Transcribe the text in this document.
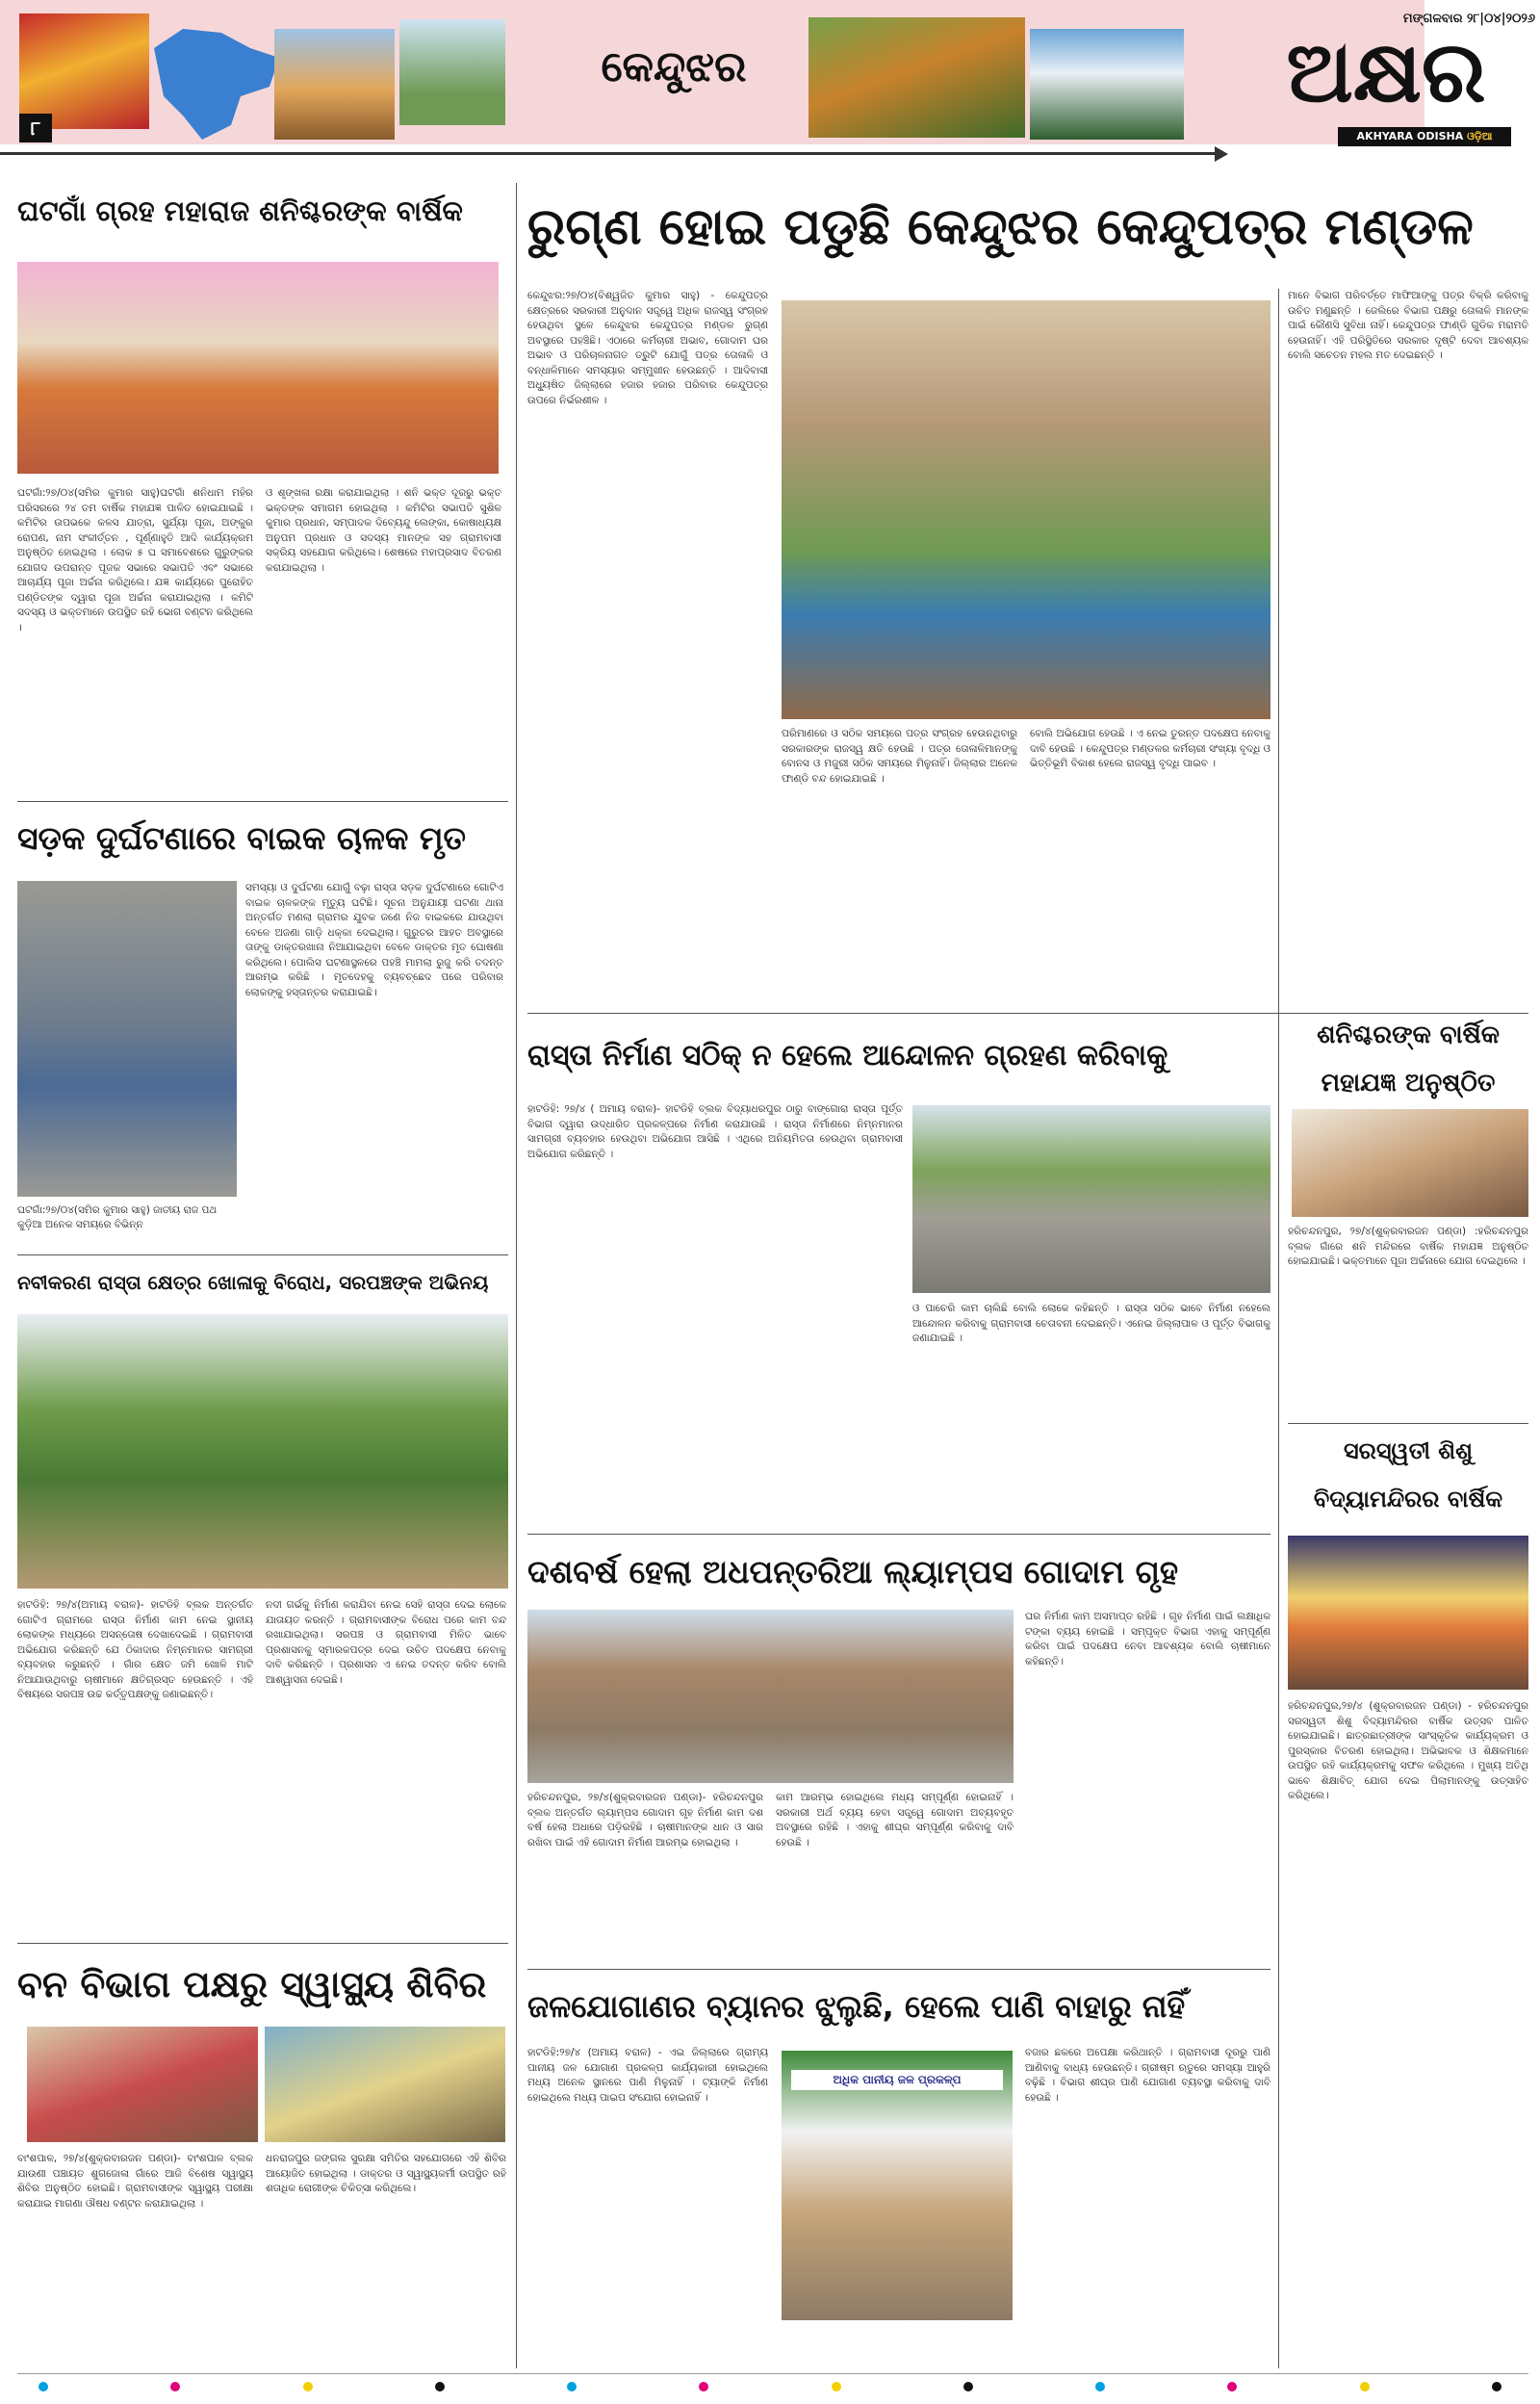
କେନ୍ଦୁଝର
ମଙ୍ଗଳବାର ୨୮|୦୪|୨୦୨୬
୮
ଅକ୍ଷର
AKHYARA ODISHA ଓଡ଼ିଆ
ଘଟଗାଁ ଗ୍ରହ ମହାରାଜ ଶନିଶ୍ଚରଙ୍କ ବାର୍ଷିକ
ଘଟଗାଁ:୨୭/୦୪(ସମିର କୁମାର ସାହୁ)ଘଟଗାଁ ଶନିଧାମ ମହିର ପରିସରରେ ୨୪ ତମ ବାର୍ଷିକ ମହାଯଜ୍ଞ ପାଳିତ ହୋଇଯାଇଛି । କମିଟିର ଉପଭକେ କଳସ ଯାତ୍ରା, ସୁର୍ଯ୍ୟା ପୂଜା, ଅଙ୍କୁର ରୋପଣ, ନାମ ସଂକୀର୍ତ୍ତନ , ପୂର୍ଣ୍ଣାହୁତି ଆଦି କାର୍ଯ୍ୟକ୍ରମ ଅନୁଷ୍ଠିତ ହୋଇଥିଲା । ଲୋକ ୫ ଘ ସମାବେଶରେ ଗୁରୁଙ୍କର ଯୋଗଦ ଉପରାନ୍ତ ପୂଜକ ସଭାରେ ସଭାପତି ଏବଂ ସଭାରେ ଆଚାର୍ଯ୍ୟ ପୂଜା ଅର୍ଚ୍ଚନା କରିଥିଲେ। ଯଜ୍ଞ କାର୍ଯ୍ୟରେ ପୁରୋହିତ ପଣ୍ଡିତଙ୍କ ଦ୍ୱାରା ପୂଜା ଅର୍ଚ୍ଚନା କରାଯାଇଥିଲା । କମିଟି ସଦସ୍ୟ ଓ ଭକ୍ତମାନେ ଉପସ୍ଥିତ ରହି ଭୋଗ ବଣ୍ଟନ କରିଥିଲେ ।
ଓ ଶୃଙ୍ଖଳା ରକ୍ଷା କରାଯାଇଥିଲା । ଶନି ଭକ୍ତ ଦୂରରୁ ଭକ୍ତ ଭକ୍ତଙ୍କ ସମାଗମ ହୋଇଥିଲା । କମିଟିର ସଭାପତି ସୁଶିଳ କୁମାର ପ୍ରଧାନ, ସମ୍ପାଦକ ଦିବ୍ୟେନ୍ଦୁ ଲେଙ୍କା, କୋଷାଧ୍ୟକ୍ଷ ଅନୁପମ ପ୍ରଧାନ ଓ ସଦସ୍ୟ ମାନଙ୍କ ସହ ଗ୍ରାମବାସୀ ସକ୍ରିୟ ସହଯୋଗ କରିଥିଲେ। ଶେଷରେ ମହାପ୍ରସାଦ ବିତରଣ କରାଯାଇଥିଲା ।
ସଡ଼କ ଦୁର୍ଘଟଣାରେ ବାଇକ ଚାଳକ ମୃତ
ଘଟଗାଁ:୨୭/୦୪(ସମିର କୁମାର ସାହୁ) ଜାତୀୟ ରାଜ ପଥ କୁଡ଼ିଆ ଅନେକ ସମୟରେ ବିଭିନ୍ନ
ସମସ୍ୟା ଓ ଦୁର୍ଘଟଣା ଯୋଗୁଁ ବଢ଼ା ରାସ୍ତା ସଡ଼କ ଦୁର୍ଘଟଣାରେ ଗୋଟିଏ ବାଇକ ଚାଳକଙ୍କ ମୃତ୍ୟୁ ଘଟିଛି। ସୂଚନା ଅନୁଯାୟୀ ଘଟଣା ଥାନା ଅନ୍ତର୍ଗତ ମଣଲା ଗ୍ରାମର ଯୁବକ ଜଣେ ନିଜ ବାଇକରେ ଯାଉଥିବା ବେଳେ ଅଜଣା ଗାଡ଼ି ଧକ୍କା ଦେଇଥିଲା। ଗୁରୁତର ଆହତ ଅବସ୍ଥାରେ ତାଙ୍କୁ ଡାକ୍ତରଖାନା ନିଆଯାଇଥିବା ବେଳେ ଡାକ୍ତର ମୃତ ଘୋଷଣା କରିଥିଲେ। ପୋଲିସ ଘଟଣାସ୍ଥଳରେ ପହଞ୍ଚି ମାମଲା ରୁଜୁ କରି ତଦନ୍ତ ଆରମ୍ଭ କରିଛି । ମୃତଦେହକୁ ବ୍ୟବଚ୍ଛେଦ ପରେ ପରିବାର ଲୋକଙ୍କୁ ହସ୍ତାନ୍ତର କରାଯାଇଛି।
ନବୀକରଣ ରାସ୍ତା କ୍ଷେତ୍ର ଖୋଳାକୁ ବିରୋଧ, ସରପଞ୍ଚଙ୍କ ଅଭିନୟ
ହାଟଡିହି: ୨୭/୪(ଅମାୟ ବରାଳ)- ହାଟଡିହି ବ୍ଲକ ଅନ୍ତର୍ଗତ ଗୋଟିଏ ଗ୍ରାମରେ ରାସ୍ତା ନିର୍ମାଣ କାମ ନେଇ ସ୍ଥାନୀୟ ଲୋକଙ୍କ ମଧ୍ୟରେ ଅସନ୍ତୋଷ ଦେଖାଦେଇଛି । ଗ୍ରାମବାସୀ ଅଭିଯୋଗ କରିଛନ୍ତି ଯେ ଠିକାଦାର ନିମ୍ନମାନର ସାମଗ୍ରୀ ବ୍ୟବହାର କରୁଛନ୍ତି । ଗାଁର କ୍ଷେତ ଜମି ଖୋଳି ମାଟି ନିଆଯାଉଥିବାରୁ ଚାଷୀମାନେ କ୍ଷତିଗ୍ରସ୍ତ ହେଉଛନ୍ତି । ଏହି ବିଷୟରେ ସରପଞ୍ଚ ଉଚ୍ଚ କର୍ତ୍ତୃପକ୍ଷଙ୍କୁ ଜଣାଇଛନ୍ତି।
ନଦୀ ଗର୍ଭକୁ ନିର୍ମାଣ କରାଯିବା ନେଇ ସେହି ରାସ୍ତା ଦେଇ ଲୋକେ ଯାତାୟତ କରନ୍ତି । ଗ୍ରାମବାସୀଙ୍କ ବିରୋଧ ପରେ କାମ ବନ୍ଦ ରଖାଯାଇଥିଲା। ସରପଞ୍ଚ ଓ ଗ୍ରାମବାସୀ ମିଳିତ ଭାବେ ପ୍ରଶାସନକୁ ସ୍ମାରକପତ୍ର ଦେଇ ଉଚିତ ପଦକ୍ଷେପ ନେବାକୁ ଦାବି କରିଛନ୍ତି । ପ୍ରଶାସନ ଏ ନେଇ ତଦନ୍ତ କରିବ ବୋଲି ଆଶ୍ୱାସନା ଦେଇଛି।
ବନ ବିଭାଗ ପକ୍ଷରୁ ସ୍ୱାସ୍ଥ୍ୟ ଶିବିର
ବାଂଶପାଳ, ୨୭/୪(ଶୁକ୍ରବାରଜନ ପଣ୍ଡା)- ବାଂଶପାଳ ବ୍ଲକ ଯାଉଣୀ ପଞ୍ଚାୟତ ଶୁଗଜୋଳା ଗାଁରେ ଆଜି ବିଶେଷ ସ୍ୱାସ୍ଥ୍ୟ ଶିବିର ଅନୁଷ୍ଠିତ ହୋଇଛି। ଗ୍ରାମବାସୀଙ୍କ ସ୍ୱାସ୍ଥ୍ୟ ପରୀକ୍ଷା କରାଯାଇ ମାଗଣା ଔଷଧ ବଣ୍ଟନ କରାଯାଇଥିଲା ।
ଧନରାଜପୁର ଜଙ୍ଗଲ ସୁରକ୍ଷା ସମିତିର ସହଯୋଗରେ ଏହି ଶିବିର ଆୟୋଜିତ ହୋଇଥିଲା । ଡାକ୍ତର ଓ ସ୍ୱାସ୍ଥ୍ୟକର୍ମୀ ଉପସ୍ଥିତ ରହି ଶତାଧିକ ରୋଗୀଙ୍କ ଚିକିତ୍ସା କରିଥିଲେ।
ରୁଗ୍ଣ ହୋଇ ପଡୁଛି କେନ୍ଦୁଝର କେନ୍ଦୁପତ୍ର ମଣ୍ଡଳ
କେନ୍ଦୁଝର:୨୭/୦୪(ବିଶ୍ୱଜିତ କୁମାର ସାହୁ) - କେନ୍ଦୁପତ୍ର କ୍ଷେତ୍ରରେ ସରକାରୀ ଅନୁଦାନ ସତ୍ତ୍ୱେ ଅଧିକ ରାଜସ୍ୱ ସଂଗ୍ରହ ହେଉଥିବା ସ୍ଥଳେ କେନ୍ଦୁଝର କେନ୍ଦୁପତ୍ର ମଣ୍ଡଳ ରୁଗ୍ଣ ଅବସ୍ଥାରେ ପହଞ୍ଚିଛି। ଏଠାରେ କର୍ମଚାରୀ ଅଭାବ, ଗୋଦାମ ଘର ଅଭାବ ଓ ପରିଚାଳନାଗତ ତ୍ରୁଟି ଯୋଗୁଁ ପତ୍ର ତୋଳାଳି ଓ ବନ୍ଧାଳିମାନେ ସମସ୍ୟାର ସମ୍ମୁଖୀନ ହେଉଛନ୍ତି । ଆଦିବାସୀ ଅଧ୍ୟୁଷିତ ଜିଲ୍ଲାରେ ହଜାର ହଜାର ପରିବାର କେନ୍ଦୁପତ୍ର ଉପରେ ନିର୍ଭରଶୀଳ ।
ପରିମାଣରେ ଓ ସଠିକ ସମୟରେ ପତ୍ର ସଂଗ୍ରହ ହେଉନଥିବାରୁ ସରକାରଙ୍କ ରାଜସ୍ୱ କ୍ଷତି ହେଉଛି । ପତ୍ର ତୋଳାଳିମାନଙ୍କୁ ବୋନସ ଓ ମଜୁରୀ ସଠିକ ସମୟରେ ମିଳୁନାହିଁ। ଜିଲ୍ଲାର ଅନେକ ଫାଣ୍ଡି ବନ୍ଦ ହୋଇଯାଇଛି ।
ବୋଲି ଅଭିଯୋଗ ହେଉଛି । ଏ ନେଇ ତୁରନ୍ତ ପଦକ୍ଷେପ ନେବାକୁ ଦାବି ହେଉଛି । କେନ୍ଦୁପତ୍ର ମଣ୍ଡଳର କର୍ମଚାରୀ ସଂଖ୍ୟା ବୃଦ୍ଧି ଓ ଭିତ୍ତିଭୂମି ବିକାଶ ହେଲେ ରାଜସ୍ୱ ବୃଦ୍ଧି ପାଇବ ।
ମାନେ ବିଭାଗ ପରିବର୍ତ୍ତେ ମାଫିଆଙ୍କୁ ପତ୍ର ବିକ୍ରି କରିବାକୁ ଉଚିତ ମଣୁଛନ୍ତି । ଜେଲିରେ ବିଭାଗ ପକ୍ଷରୁ ତୋଳାଳି ମାନଙ୍କ ପାଇଁ କୌଣସି ସୁବିଧା ନାହିଁ। କେନ୍ଦୁପତ୍ର ଫାଣ୍ଡି ଗୁଡିକ ମରାମତି ହେଉନାହିଁ। ଏହି ପରିସ୍ଥିତିରେ ସରକାର ଦୃଷ୍ଟି ଦେବା ଆବଶ୍ୟକ ବୋଲି ସଚେତନ ମହଲ ମତ ଦେଇଛନ୍ତି ।
ରାସ୍ତା ନିର୍ମାଣ ସଠିକ୍ ନ ହେଲେ ଆନ୍ଦୋଳନ ଗ୍ରହଣ କରିବାକୁ
ହାଟଡିହି: ୨୭/୪ ( ଅମାୟ ବରାଳ)- ହାଟଡିହି ବ୍ଲକ ବିଦ୍ୟାଧରପୁର ଠାରୁ ବାଙ୍ଗୋରା ରାସ୍ତା ପୂର୍ତ୍ତ ବିଭାଗ ଦ୍ୱାରା ଉଦ୍ଧାରିତ ପ୍ରକଳ୍ପରେ ନିର୍ମାଣ କରାଯାଉଛି । ରାସ୍ତା ନିର୍ମାଣରେ ନିମ୍ନମାନର ସାମଗ୍ରୀ ବ୍ୟବହାର ହେଉଥିବା ଅଭିଯୋଗ ଆସିଛି । ଏଥିରେ ଅନିୟମିତତା ହେଉଥିବା ଗ୍ରାମବାସୀ ଅଭିଯୋଗ କରିଛନ୍ତି ।
ଓ ପାଚେରି କାମ ଚାଲିଛି ବୋଲି ଲୋକେ କହିଛନ୍ତି । ରାସ୍ତା ସଠିକ ଭାବେ ନିର୍ମାଣ ନହେଲେ ଆନ୍ଦୋଳନ କରିବାକୁ ଗ୍ରାମବାସୀ ଚେତାବନୀ ଦେଇଛନ୍ତି। ଏନେଇ ଜିଲ୍ଲାପାଳ ଓ ପୂର୍ତ୍ତ ବିଭାଗକୁ ଜଣାଯାଇଛି ।
ଶନିଶ୍ଚରଙ୍କ ବାର୍ଷିକ ମହାଯଜ୍ଞ ଅନୁଷ୍ଠିତ
ହରିଚନ୍ଦନପୁର, ୨୭/୪(ଶୁକ୍ରବାରଜନ ପଣ୍ଡା) :ହରିଚନ୍ଦନପୁର ବ୍ଲକ ଗାଁରେ ଶନି ମନ୍ଦିରରେ ବାର୍ଷିକ ମହାଯଜ୍ଞ ଅନୁଷ୍ଠିତ ହୋଇଯାଇଛି। ଭକ୍ତମାନେ ପୂଜା ଅର୍ଚ୍ଚନାରେ ଯୋଗ ଦେଇଥିଲେ ।
ସରସ୍ୱତୀ ଶିଶୁ ବିଦ୍ୟାମନ୍ଦିରର ବାର୍ଷିକ
ହରିଚନ୍ଦନପୁର,୨୭/୪ (ଶୁକ୍ରବାରଜନ ପଣ୍ଡା) - ହରିଚନ୍ଦନପୁର ସରସ୍ୱତୀ ଶିଶୁ ବିଦ୍ୟାମନ୍ଦିରର ବାର୍ଷିକ ଉତ୍ସବ ପାଳିତ ହୋଇଯାଇଛି। ଛାତ୍ରଛାତ୍ରୀଙ୍କ ସାଂସ୍କୃତିକ କାର୍ଯ୍ୟକ୍ରମ ଓ ପୁରସ୍କାର ବିତରଣ ହୋଇଥିଲା। ଅଭିଭାବକ ଓ ଶିକ୍ଷକମାନେ ଉପସ୍ଥିତ ରହି କାର୍ଯ୍ୟକ୍ରମକୁ ସଫଳ କରିଥିଲେ । ମୁଖ୍ୟ ଅତିଥି ଭାବେ ଶିକ୍ଷାବିତ୍ ଯୋଗ ଦେଇ ପିଲାମାନଙ୍କୁ ଉତ୍ସାହିତ କରିଥିଲେ।
ଦଶବର୍ଷ ହେଲା ଅଧପନ୍ତରିଆ ଲ୍ୟାମ୍ପସ ଗୋଦାମ ଗୃହ
ହରିଚନ୍ଦନପୁର, ୨୭/୪(ଶୁକ୍ରବାରଜନ ପଣ୍ଡା)- ହରିଚନ୍ଦନପୁର ବ୍ଲକ ଅନ୍ତର୍ଗତ ଲ୍ୟାମ୍ପସ ଗୋଦାମ ଗୃହ ନିର୍ମାଣ କାମ ଦଶ ବର୍ଷ ହେଲା ଅଧାରେ ପଡ଼ିରହିଛି । ଚାଷୀମାନଙ୍କ ଧାନ ଓ ସାର ରଖିବା ପାଇଁ ଏହି ଗୋଦାମ ନିର୍ମାଣ ଆରମ୍ଭ ହୋଇଥିଲା ।
କାମ ଆରମ୍ଭ ହୋଇଥିଲେ ମଧ୍ୟ ସମ୍ପୂର୍ଣ୍ଣ ହୋଇନାହିଁ । ସରକାରୀ ଅର୍ଥ ବ୍ୟୟ ହେବା ସତ୍ତ୍ୱେ ଗୋଦାମ ଅବ୍ୟବହୃତ ଅବସ୍ଥାରେ ରହିଛି । ଏହାକୁ ଶୀଘ୍ର ସମ୍ପୂର୍ଣ୍ଣ କରିବାକୁ ଦାବି ହେଉଛି ।
ଘର ନିର୍ମାଣ କାମ ଅସମାପ୍ତ ରହିଛି । ଗୃହ ନିର୍ମାଣ ପାଇଁ ଲକ୍ଷାଧିକ ଟଙ୍କା ବ୍ୟୟ ହୋଇଛି । ସମ୍ପୃକ୍ତ ବିଭାଗ ଏହାକୁ ସମ୍ପୂର୍ଣ୍ଣ କରିବା ପାଇଁ ପଦକ୍ଷେପ ନେବା ଆବଶ୍ୟକ ବୋଲି ଚାଷୀମାନେ କହିଛନ୍ତି।
ଜଳଯୋଗାଣର ବ୍ୟାନର ଝୁଲୁଛି, ହେଲେ ପାଣି ବାହାରୁ ନାହିଁ
ହାଟଡିହି:୨୭/୪ (ଅମାୟ ବରାଳ) - ଏଇ ଜିଲ୍ଲାରେ ଗ୍ରାମ୍ୟ ପାନୀୟ ଜଳ ଯୋଗାଣ ପ୍ରକଳ୍ପ କାର୍ଯ୍ୟକାରୀ ହୋଇଥିଲେ ମଧ୍ୟ ଅନେକ ସ୍ଥାନରେ ପାଣି ମିଳୁନାହିଁ । ଟ୍ୟାଙ୍କି ନିର୍ମାଣ ହୋଇଥିଲେ ମଧ୍ୟ ପାଇପ ସଂଯୋଗ ହୋଇନାହିଁ ।
ଅଧିକ ପାନୀୟ ଜଳ ପ୍ରକଳ୍ପ
ବଜାର ଛକରେ ଅପେକ୍ଷା କରିଥାନ୍ତି । ଗ୍ରାମବାସୀ ଦୂରରୁ ପାଣି ଆଣିବାକୁ ବାଧ୍ୟ ହେଉଛନ୍ତି। ଗ୍ରୀଷ୍ମ ଋତୁରେ ସମସ୍ୟା ଆହୁରି ବଢ଼ିଛି । ବିଭାଗ ଶୀଘ୍ର ପାଣି ଯୋଗାଣ ବ୍ୟବସ୍ଥା କରିବାକୁ ଦାବି ହେଉଛି ।
